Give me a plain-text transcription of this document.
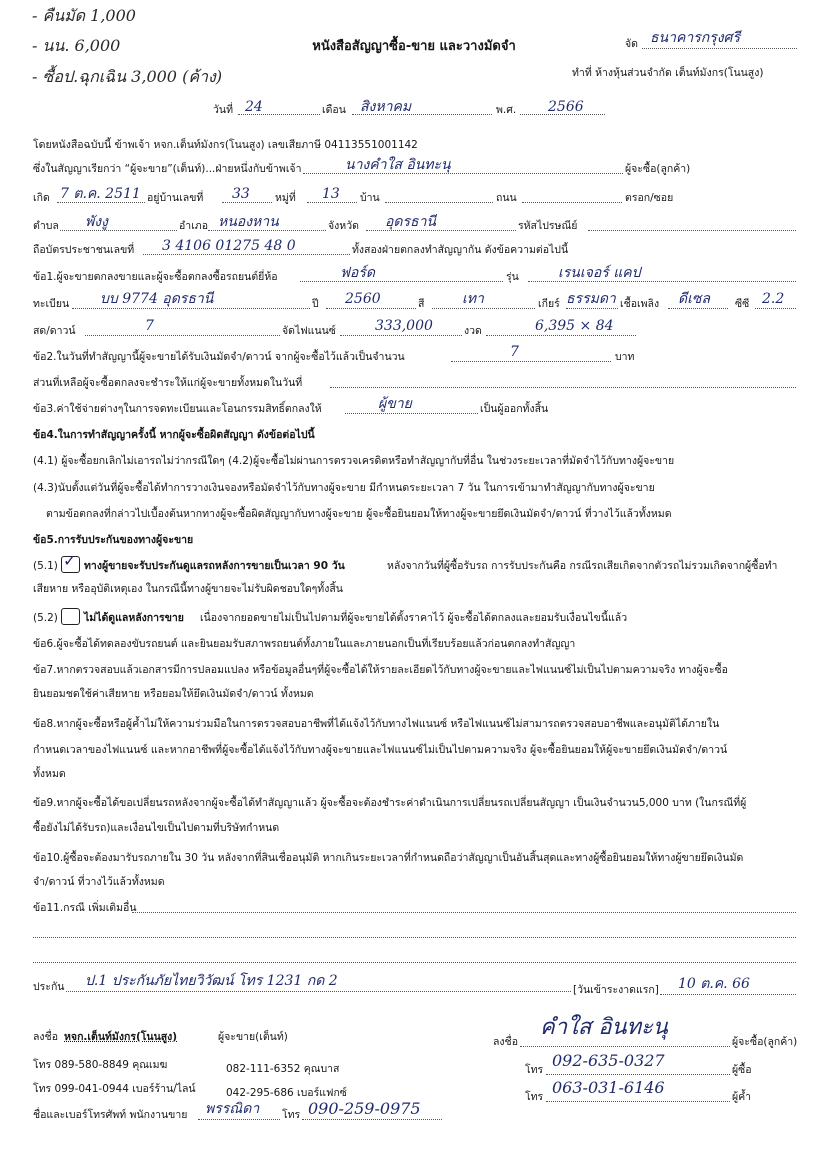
- คืนมัด 1,000
- นน. 6,000
- ซื้อป.ฉุกเฉิน 3,000 (ค้าง)
หนังสือสัญญาซื้อ-ขาย และวางมัดจำ	จัด ธนาคารกรุงศรี
ทำที่ ห้างหุ้นส่วนจำกัด เต็นท์มังกร(โนนสูง)
วันที่ 24	เดือน สิงหาคม	พ.ศ. 2566
โดยหนังสือฉบับนี้ ข้าพเจ้า หจก.เต็นท์มังกร(โนนสูง) เลขเสียภาษี 04113551001142
ซึ่งในสัญญาเรียกว่า “ผู้จะขาย”(เต็นท์)...ฝ่ายหนึ่งกับข้าพเจ้า	นางคำใส อินทะนุ	ผู้จะซื้อ(ลูกค้า)
เกิด 7 ต.ค. 2511 อยู่บ้านเลขที่ 33 หมู่ที่ 13 บ้าน	ถนน	ตรอก/ซอย
ตำบล พังงู	อำเภอ หนองหาน	จังหวัด อุดรธานี	รหัสไปรษณีย์
ถือบัตรประชาชนเลขที่ 3 4106 01275 48 0	ทั้งสองฝ่ายตกลงทำสัญญากัน ดังข้อความต่อไปนี้
ข้อ1.ผู้จะขายตกลงขายและผู้จะซื้อตกลงซื้อรถยนต์ยี่ห้อ	ฟอร์ด	รุ่น	เรนเจอร์ แคป
ทะเบียน บบ 9774 อุดรธานี	ปี 2560	สี	เทา	เกียร์ ธรรมดา เชื้อเพลิง ดีเซล ซีซี 2.2
สด/ดาวน์	7	จัดไฟแนนซ์	333,000	งวด	6,395 × 84
ข้อ2.ในวันที่ทำสัญญานี้ผู้จะขายได้รับเงินมัดจำ/ดาวน์ จากผู้จะซื้อไว้แล้วเป็นจำนวน	7	บาท
ส่วนที่เหลือผู้จะซื้อตกลงจะชำระให้แก่ผู้จะขายทั้งหมดในวันที่
ข้อ3.ค่าใช้จ่ายต่างๆในการจดทะเบียนและโอนกรรมสิทธิ์ตกลงให้	ผู้ขาย	เป็นผู้ออกทั้งสิ้น
ข้อ4.ในการทำสัญญาครั้งนี้ หากผู้จะซื้อผิดสัญญา ดังข้อต่อไปนี้
(4.1) ผู้จะซื้อยกเลิกไม่เอารถไม่ว่ากรณีใดๆ (4.2)ผู้จะซื้อไม่ผ่านการตรวจเครดิตหรือทำสัญญากับที่อื่น ในช่วงระยะเวลาที่มัดจำไว้กับทางผู้จะขาย
(4.3)นับตั้งแต่วันที่ผู้จะซื้อได้ทำการวางเงินจองหรือมัดจำไว้กับทางผู้จะขาย มีกำหนดระยะเวลา 7 วัน ในการเข้ามาทำสัญญากับทางผู้จะขาย
ตามข้อตกลงที่กล่าวไปเบื้องต้นหากทางผู้จะซื้อผิดสัญญากับทางผู้จะขาย ผู้จะซื้อยินยอมให้ทางผู้จะขายยึดเงินมัดจำ/ดาวน์ ที่วางไว้แล้วทั้งหมด
ข้อ5.การรับประกันของทางผู้จะขาย
(5.1) ✓ ทางผู้ขายจะรับประกันดูแลรถหลังการขายเป็นเวลา 90 วัน	หลังจากวันที่ผู้ซื้อรับรถ การรับประกันคือ กรณีรถเสียเกิดจากตัวรถไม่รวมเกิดจากผู้ซื้อทำ
เสียหาย หรืออุบัติเหตุเอง ในกรณีนี้ทางผู้ขายจะไม่รับผิดชอบใดๆทั้งสิ้น
(5.2) ไม่ได้ดูแลหลังการขาย เนื่องจากยอดขายไม่เป็นไปตามที่ผู้จะขายได้ตั้งราคาไว้ ผู้จะซื้อได้ตกลงและยอมรับเงื่อนไขนี้แล้ว
ข้อ6.ผู้จะซื้อได้ทดลองขับรถยนต์ และยินยอมรับสภาพรถยนต์ทั้งภายในและภายนอกเป็นที่เรียบร้อยแล้วก่อนตกลงทำสัญญา
ข้อ7.หากตรวจสอบแล้วเอกสารมีการปลอมแปลง หรือข้อมูลอื่นๆที่ผู้จะซื้อได้ให้รายละเอียดไว้กับทางผู้จะขายและไฟแนนซ์ไม่เป็นไปตามความจริง ทางผู้จะซื้อ
ยินยอมชดใช้ค่าเสียหาย หรือยอมให้ยึดเงินมัดจำ/ดาวน์ ทั้งหมด
ข้อ8.หากผู้จะซื้อหรือผู้ค้ำไม่ให้ความร่วมมือในการตรวจสอบอาชีพที่ได้แจ้งไว้กับทางไฟแนนซ์ หรือไฟแนนซ์ไม่สามารถตรวจสอบอาชีพและอนุมัติได้ภายใน
กำหนดเวลาของไฟแนนซ์ และหากอาชีพที่ผู้จะซื้อได้แจ้งไว้กับทางผู้จะขายและไฟแนนซ์ไม่เป็นไปตามความจริง ผู้จะซื้อยินยอมให้ผู้จะขายยึดเงินมัดจำ/ดาวน์
ทั้งหมด
ข้อ9.หากผู้จะซื้อได้ขอเปลี่ยนรถหลังจากผู้จะซื้อได้ทำสัญญาแล้ว ผู้จะซื้อจะต้องชำระค่าดำเนินการเปลี่ยนรถเปลี่ยนสัญญา เป็นเงินจำนวน5,000 บาท (ในกรณีที่ผู้
ซื้อยังไม่ได้รับรถ)และเงื่อนไขเป็นไปตามที่บริษัทกำหนด
ข้อ10.ผู้ซื้อจะต้องมารับรถภายใน 30 วัน หลังจากที่สินเชื่ออนุมัติ หากเกินระยะเวลาที่กำหนดถือว่าสัญญาเป็นอันสิ้นสุดและทางผู้ซื้อยินยอมให้ทางผู้ขายยึดเงินมัด
จำ/ดาวน์ ที่วางไว้แล้วทั้งหมด
ข้อ11.กรณี เพิ่มเติมอื่น
ประกัน ป.1 ประกันภัยไทยวิวัฒน์ โทร 1231 กด 2
[วันเข้าระงาดแรก] 10 ต.ค. 66
ลงชื่อ หจก.เต็นท์มังกร(โนนสูง)	ผู้จะขาย(เต็นท์)	ลงชื่อ
คำใส อินทะนุ
ผู้จะซื้อ(ลูกค้า)
โทร 089-580-8849 คุณเมฆ	082-111-6352 คุณบาส
โทร 099-041-0944 เบอร์ร้าน/ไลน์	042-295-686 เบอร์แฟกซ์
โทร 092-635-0327	ผู้ซื้อ
โทร 063-031-6146	ผู้ค้ำ
ชื่อและเบอร์โทรศัพท์ พนักงานขาย พรรณิดา โทร 090-259-0975
